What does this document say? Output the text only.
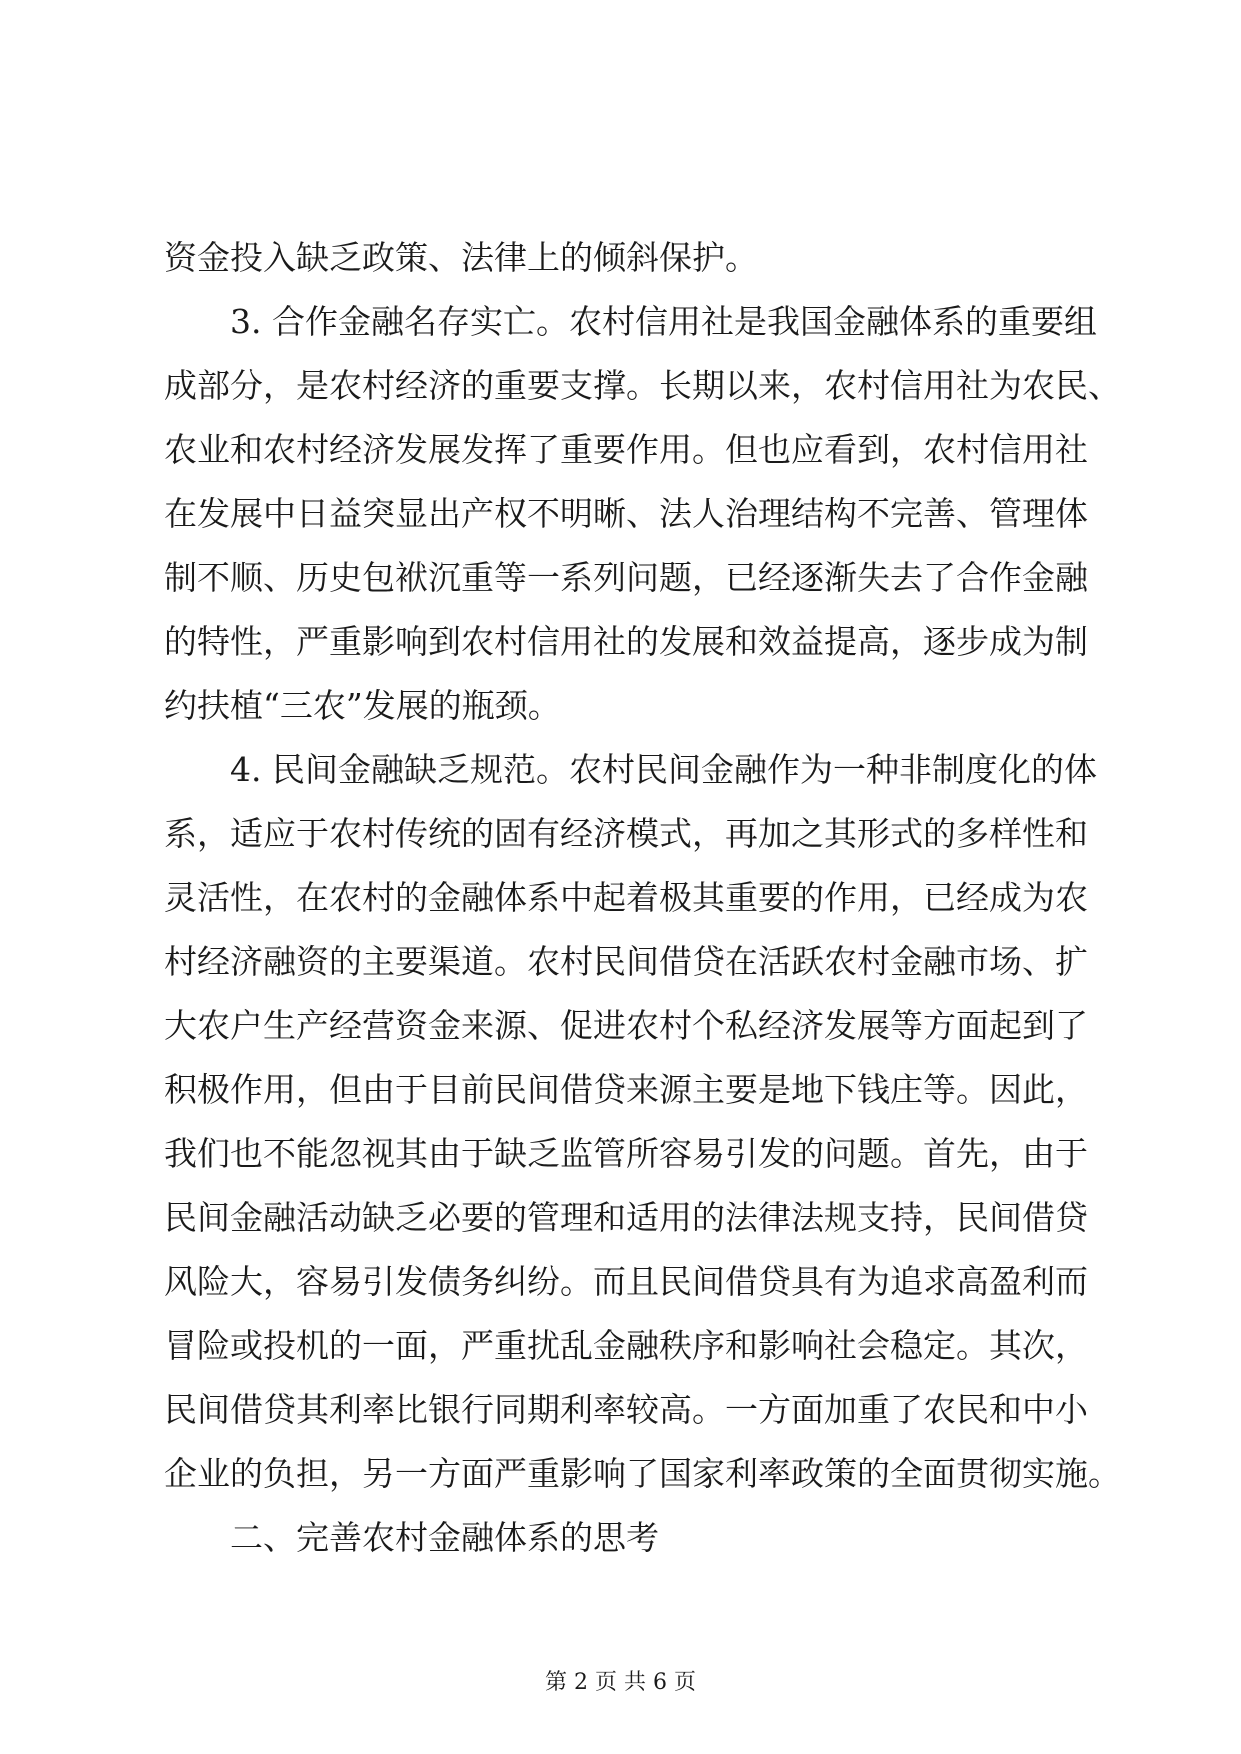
资金投入缺乏政策、法律上的倾斜保护。
3. 合作金融名存实亡。农村信用社是我国金融体系的重要组
成部分，是农村经济的重要支撑。长期以来，农村信用社为农民、
农业和农村经济发展发挥了重要作用。但也应看到，农村信用社
在发展中日益突显出产权不明晰、法人治理结构不完善、管理体
制不顺、历史包袱沉重等一系列问题，已经逐渐失去了合作金融
的特性，严重影响到农村信用社的发展和效益提高，逐步成为制
约扶植“三农”发展的瓶颈。
4. 民间金融缺乏规范。农村民间金融作为一种非制度化的体
系，适应于农村传统的固有经济模式，再加之其形式的多样性和
灵活性，在农村的金融体系中起着极其重要的作用，已经成为农
村经济融资的主要渠道。农村民间借贷在活跃农村金融市场、扩
大农户生产经营资金来源、促进农村个私经济发展等方面起到了
积极作用，但由于目前民间借贷来源主要是地下钱庄等。因此，
我们也不能忽视其由于缺乏监管所容易引发的问题。首先，由于
民间金融活动缺乏必要的管理和适用的法律法规支持，民间借贷
风险大，容易引发债务纠纷。而且民间借贷具有为追求高盈利而
冒险或投机的一面，严重扰乱金融秩序和影响社会稳定。其次，
民间借贷其利率比银行同期利率较高。一方面加重了农民和中小
企业的负担，另一方面严重影响了国家利率政策的全面贯彻实施。
二、完善农村金融体系的思考
第 2 页 共 6 页
